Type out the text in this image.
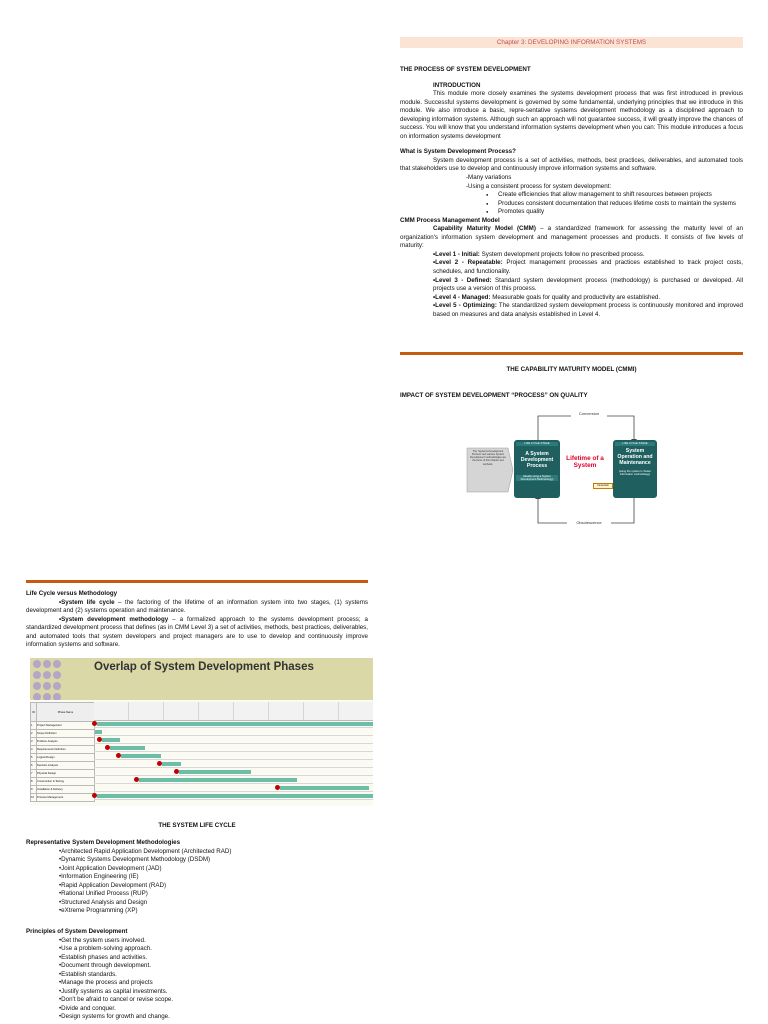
Chapter 3: DEVELOPING INFORMATION SYSTEMS

THE PROCESS OF SYSTEM DEVELOPMENT

INTRODUCTION

This module more closely examines the systems development process that was first introduced in previous module. Successful systems development is governed by some fundamental, underlying principles that we introduce in this module. We also introduce a basic, repre-sentative systems development methodology as a disciplined approach to developing information systems. Although such an approach will not guarantee success, it will greatly improve the chances of success. You will know that you understand information systems development when you can: This module introduces a focus on information systems development

What is System Development Process?

System development process is a set of activities, methods, best practices, deliverables, and automated tools that stakeholders use to develop and continuously improve information systems and software.

-Many variations

-Using a consistent process for system development:

● Create efficiencies that allow management to shift resources between projects
● Produces consistent documentation that reduces lifetime costs to maintain the systems
● Promotes quality

CMM Process Management Model

Capability Maturity Model (CMM) – a standardized framework for assessing the maturity level of an organization's information system development and management processes and products. It consists of five levels of maturity:

•Level 1 - Initial: System development projects follow no prescribed process.

•Level 2 - Repeatable: Project management processes and practices established to track project costs, schedules, and functionality.

•Level 3 - Defined: Standard system development process (methodology) is purchased or developed. All projects use a version of this process.

•Level 4 - Managed: Measurable goals for quality and productivity are established.

•Level 5 - Optimizing: The standardized system development process is continuously monitored and improved based on measures and data analysis established in Level 4.

THE CAPABILITY MATURITY MODEL (CMMI)

IMPACT OF SYSTEM DEVELOPMENT “PROCESS” ON QUALITY

Conversion
Obsolescence
The 'Systems Development Process' and various System Development methodologies are the focus of this chapter and textbook.
LIFE CYCLE STAGE
A System Development Process
(ideally using a System Development Methodology)
Lifetime of a System
Conversion
LIFE CYCLE STAGE
System Operation and Maintenance
(using the system's chosen information methodology)

Life Cycle versus Methodology

•System life cycle – the factoring of the lifetime of an information system into two stages, (1) systems development and (2) systems operation and maintenance.

•System development methodology – a formalized approach to the systems development process; a standardized development process that defines (as in CMM Level 3) a set of activities, methods, best practices, deliverables, and automated tools that system developers and project managers are to use to develop and continuously improve information systems and software.

Overlap of System Development Phases
ID	Phase Name
1	Project Management
2	Scope Definition
3	Problem Analysis
4	Requirements Definition
5	Logical Design
6	Decision Analysis
7	Physical Design
8	Construction & Testing
9	Installation & Delivery
10	Process Management

THE SYSTEM LIFE CYCLE

Representative System Development Methodologies

•Architected Rapid Application Development (Architected RAD)

•Dynamic Systems Development Methodology (DSDM)

•Joint Application Development (JAD)

•Information Engineering (IE)

•Rapid Application Development (RAD)

•Rational Unified Process (RUP)

•Structured Analysis and Design

•eXtreme Programming (XP)

Principles of System Development

•Get the system users involved.

•Use a problem-solving approach.

•Establish phases and activities.

•Document through development.

•Establish standards.

•Manage the process and projects

•Justify systems as capital investments.

•Don't be afraid to cancel or revise scope.

•Divide and conquer.

•Design systems for growth and change.
